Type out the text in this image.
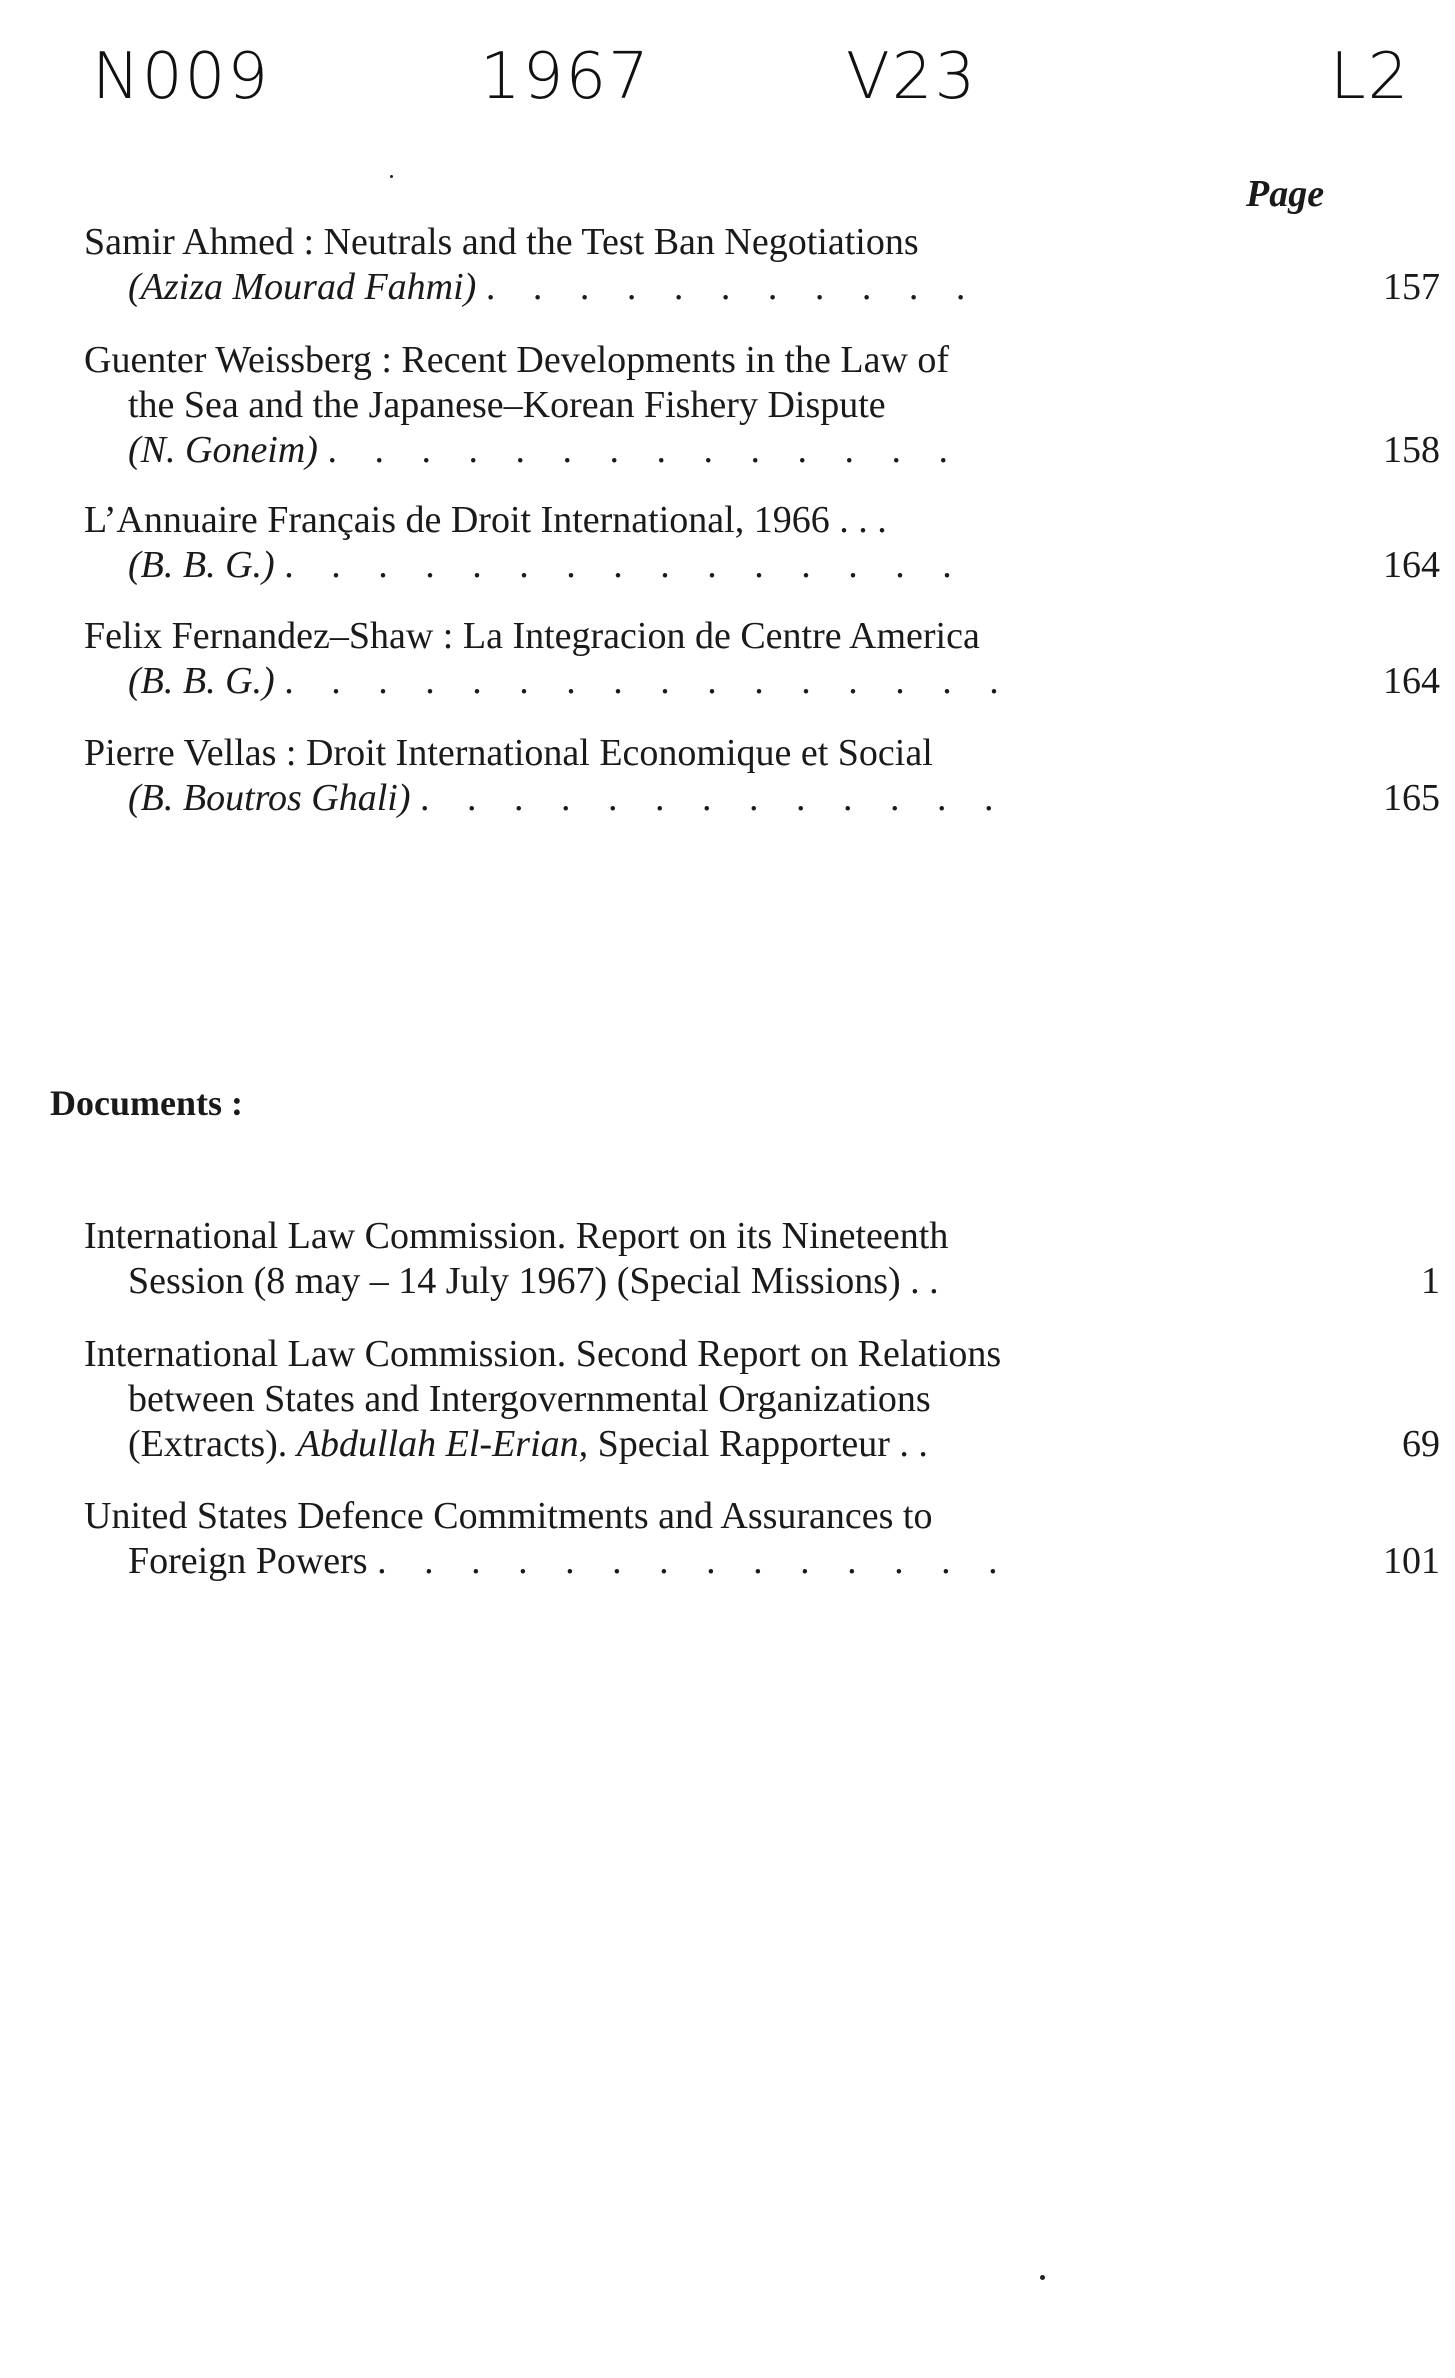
N009	1967	V23	L2
Page
Samir Ahmed : Neutrals and the Test Ban Negotiations
(Aziza Mourad Fahmi) . . . . . . . . . . .	157
Guenter Weissberg : Recent Developments in the Law of
the Sea and the Japanese–Korean Fishery Dispute
(N. Goneim) . . . . . . . . . . . . . .	158
L’Annuaire Français de Droit International, 1966 . . .
(B. B. G.) . . . . . . . . . . . . . . .	164
Felix Fernandez–Shaw : La Integracion de Centre America
(B. B. G.) . . . . . . . . . . . . . . . .	164
Pierre Vellas : Droit International Economique et Social
(B. Boutros Ghali) . . . . . . . . . . . . .	165
Documents :
International Law Commission. Report on its Nineteenth
Session (8 may – 14 July 1967) (Special Missions) . .	1
International Law Commission. Second Report on Relations
between States and Intergovernmental Organizations
(Extracts). Abdullah El-Erian, Special Rapporteur . .	69
United States Defence Commitments and Assurances to
Foreign Powers . . . . . . . . . . . . . .	101
